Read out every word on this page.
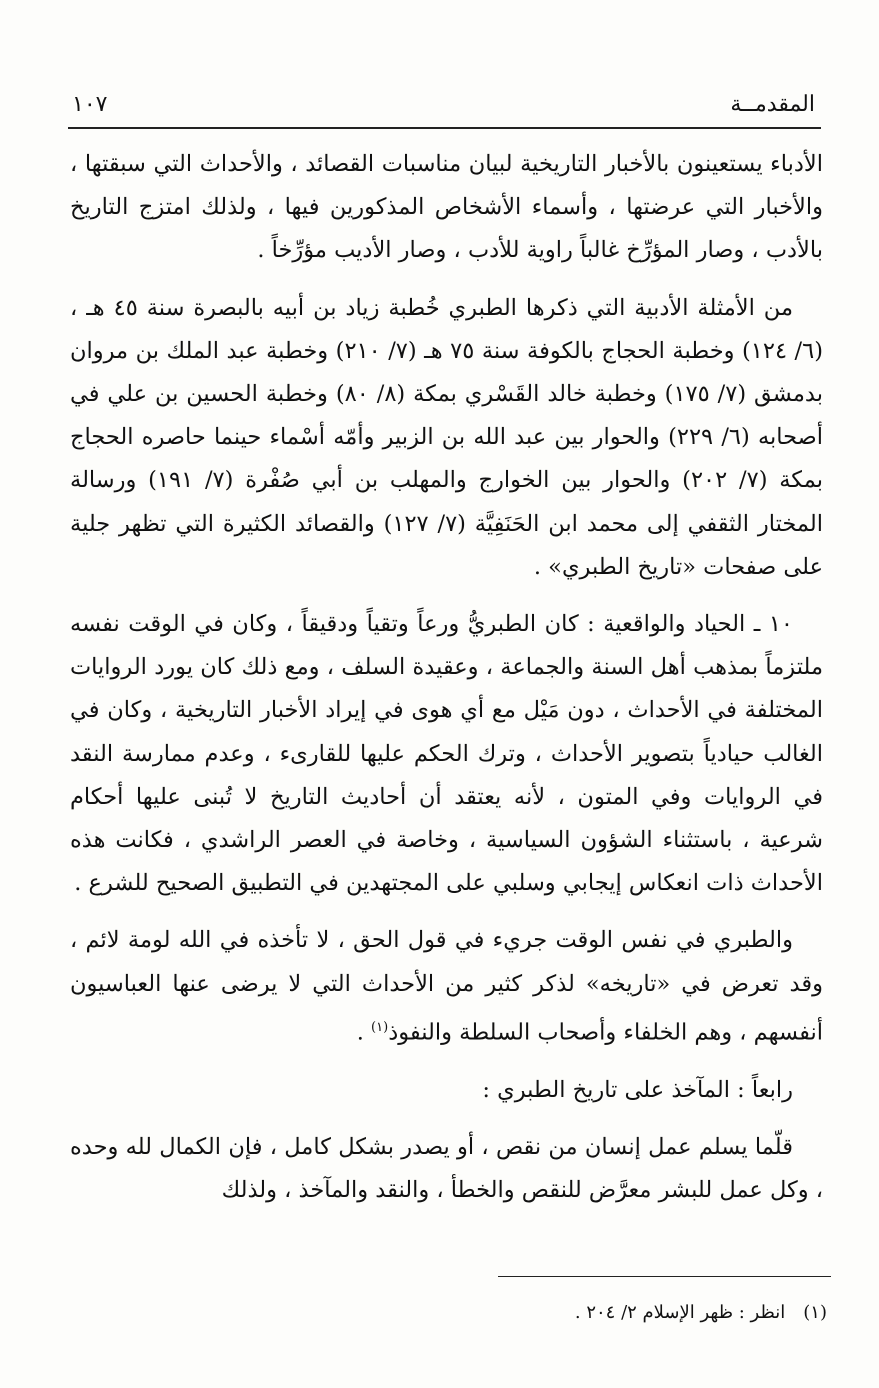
المقدمــة
١٠٧

الأدباء يستعينون بالأخبار التاريخية لبيان مناسبات القصائد ، والأحداث التي سبقتها ، والأخبار التي عرضتها ، وأسماء الأشخاص المذكورين فيها ، ولذلك امتزج التاريخ بالأدب ، وصار المؤرِّخ غالباً راوية للأدب ، وصار الأديب مؤرِّخاً .

من الأمثلة الأدبية التي ذكرها الطبري خُطبة زياد بن أبيه بالبصرة سنة ٤٥ هـ ، (٦/ ١٢٤) وخطبة الحجاج بالكوفة سنة ٧٥ هـ (٧/ ٢١٠) وخطبة عبد الملك بن مروان بدمشق (٧/ ١٧٥) وخطبة خالد القَسْري بمكة (٨/ ٨٠) وخطبة الحسين بن علي في أصحابه (٦/ ٢٢٩) والحوار بين عبد الله بن الزبير وأمّه أسْماء حينما حاصره الحجاج بمكة (٧/ ٢٠٢) والحوار بين الخوارج والمهلب بن أبي صُفْرة (٧/ ١٩١) ورسالة المختار الثقفي إلى محمد ابن الحَنَفِيَّة (٧/ ١٢٧) والقصائد الكثيرة التي تظهر جلية على صفحات «تاريخ الطبري» .

١٠ ـ الحياد والواقعية : كان الطبريُّ ورعاً وتقياً ودقيقاً ، وكان في الوقت نفسه ملتزماً بمذهب أهل السنة والجماعة ، وعقيدة السلف ، ومع ذلك كان يورد الروايات المختلفة في الأحداث ، دون مَيْل مع أي هوى في إيراد الأخبار التاريخية ، وكان في الغالب حيادياً بتصوير الأحداث ، وترك الحكم عليها للقارىء ، وعدم ممارسة النقد في الروايات وفي المتون ، لأنه يعتقد أن أحاديث التاريخ لا تُبنى عليها أحكام شرعية ، باستثناء الشؤون السياسية ، وخاصة في العصر الراشدي ، فكانت هذه الأحداث ذات انعكاس إيجابي وسلبي على المجتهدين في التطبيق الصحيح للشرع .

والطبري في نفس الوقت جريء في قول الحق ، لا تأخذه في الله لومة لائم ، وقد تعرض في «تاريخه» لذكر كثير من الأحداث التي لا يرضى عنها العباسيون أنفسهم ، وهم الخلفاء وأصحاب السلطة والنفوذ$^{(١)}$ .

رابعاً : المآخذ على تاريخ الطبري :

قلّما يسلم عمل إنسان من نقص ، أو يصدر بشكل كامل ، فإن الكمال لله وحده ، وكل عمل للبشر معرَّض للنقص والخطأ ، والنقد والمآخذ ، ولذلك

(١)انظر : ظهر الإسلام ٢/ ٢٠٤ .
